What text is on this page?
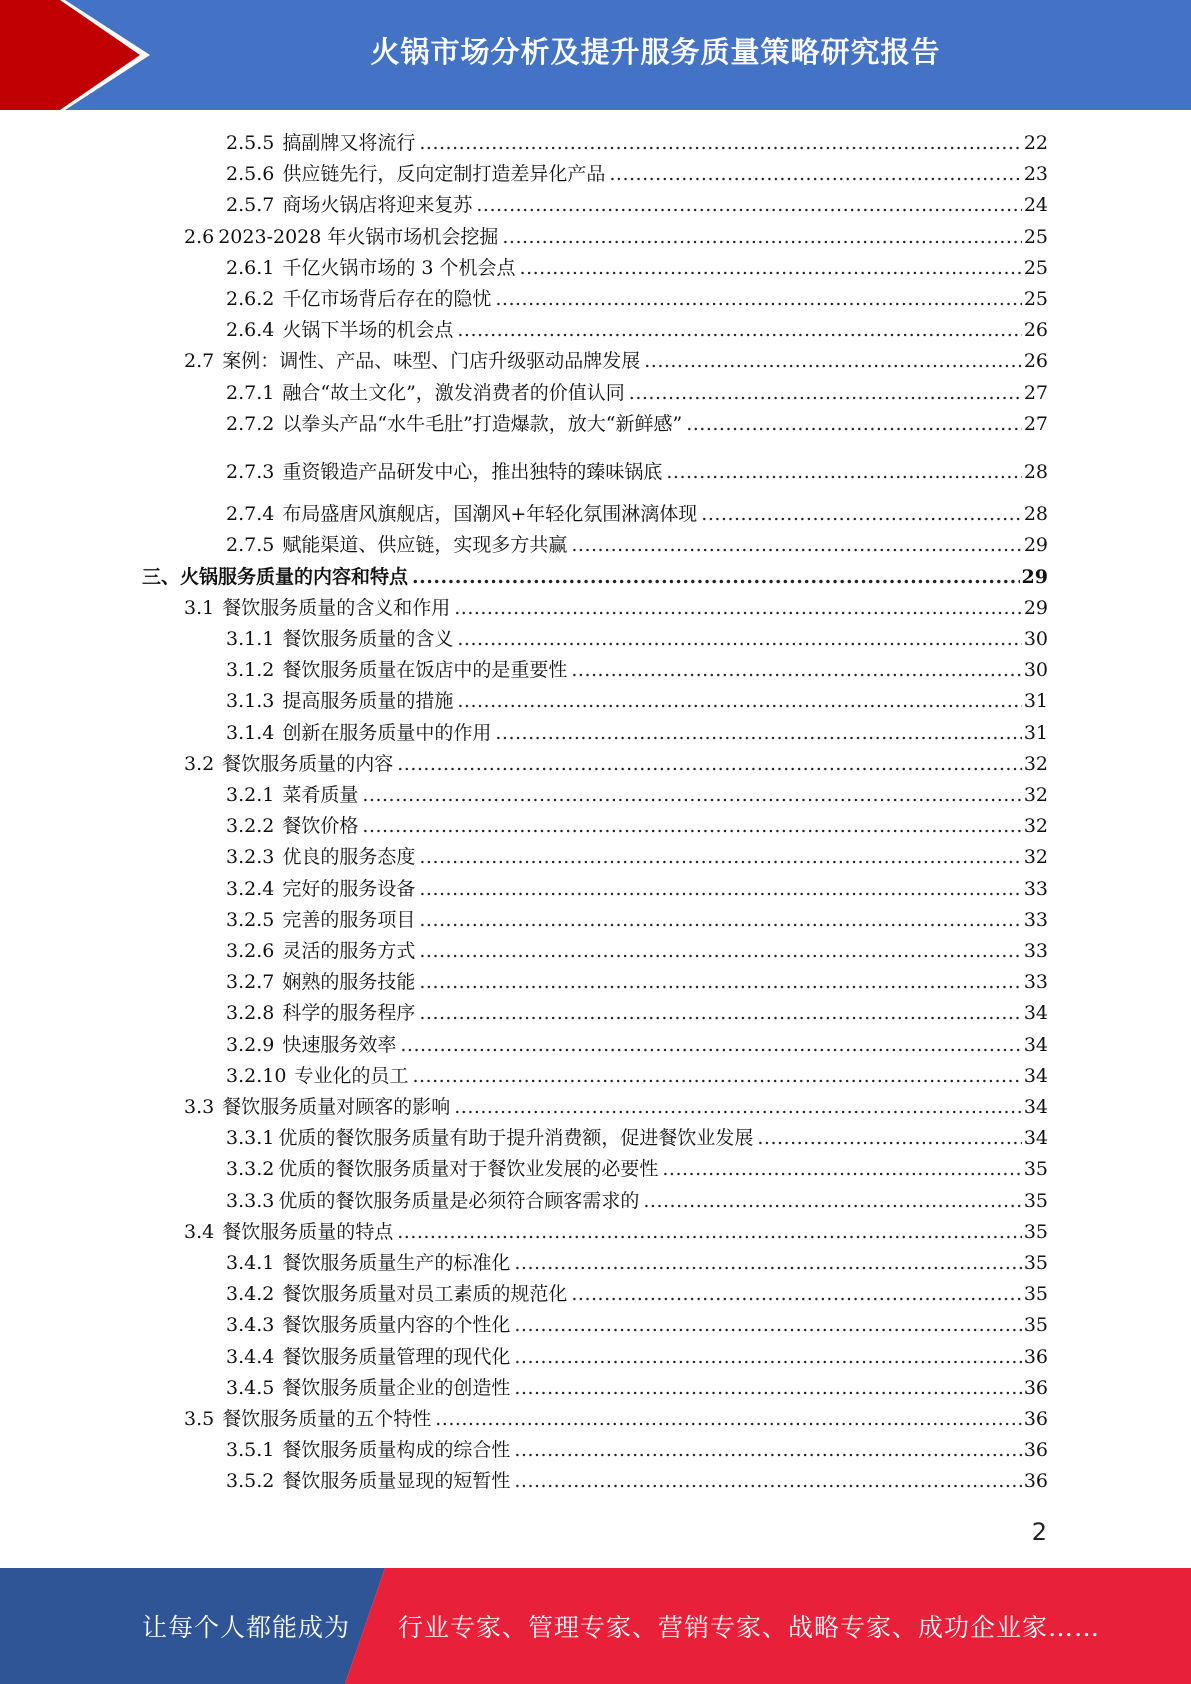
火锅市场分析及提升服务质量策略研究报告
2.5.5 搞副牌又将流行 .....	22
2.5.6 供应链先行，反向定制打造差异化产品 .....	23
2.5.7 商场火锅店将迎来复苏 .....	24
2.6 2023-2028 年火锅市场机会挖掘 .....	25
2.6.1 千亿火锅市场的 3 个机会点 .....	25
2.6.2 千亿市场背后存在的隐忧 .....	25
2.6.4 火锅下半场的机会点 .....	26
2.7 案例：调性、产品、味型、门店升级驱动品牌发展 .....	26
2.7.1 融合“故土文化”，激发消费者的价值认同 .....	27
2.7.2 以拳头产品“水牛毛肚”打造爆款，放大“新鲜感” .....	27
2.7.3 重资锻造产品研发中心，推出独特的臻味锅底 .....	28
2.7.4 布局盛唐风旗舰店，国潮风+年轻化氛围淋漓体现 .....	28
2.7.5 赋能渠道、供应链，实现多方共赢 .....	29
三、 火锅服务质量的内容和特点 .....	29
3.1 餐饮服务质量的含义和作用 .....	29
3.1.1 餐饮服务质量的含义 .....	30
3.1.2 餐饮服务质量在饭店中的是重要性 .....	30
3.1.3 提高服务质量的措施 .....	31
3.1.4 创新在服务质量中的作用 .....	31
3.2 餐饮服务质量的内容 .....	32
3.2.1 菜肴质量 .....	32
3.2.2 餐饮价格 .....	32
3.2.3 优良的服务态度 .....	32
3.2.4 完好的服务设备 .....	33
3.2.5 完善的服务项目 .....	33
3.2.6 灵活的服务方式 .....	33
3.2.7 娴熟的服务技能 .....	33
3.2.8 科学的服务程序 .....	34
3.2.9 快速服务效率 .....	34
3.2.10 专业化的员工 .....	34
3.3 餐饮服务质量对顾客的影响 .....	34
3.3.1 优质的餐饮服务质量有助于提升消费额，促进餐饮业发展 .....	34
3.3.2 优质的餐饮服务质量对于餐饮业发展的必要性 .....	35
3.3.3 优质的餐饮服务质量是必须符合顾客需求的 .....	35
3.4 餐饮服务质量的特点 .....	35
3.4.1 餐饮服务质量生产的标准化 .....	35
3.4.2 餐饮服务质量对员工素质的规范化 .....	35
3.4.3 餐饮服务质量内容的个性化 .....	35
3.4.4 餐饮服务质量管理的现代化 .....	36
3.4.5 餐饮服务质量企业的创造性 .....	36
3.5 餐饮服务质量的五个特性 .....	36
3.5.1 餐饮服务质量构成的综合性 .....	36
3.5.2 餐饮服务质量显现的短暂性 .....	36
2
让每个人都能成为 行业专家、管理专家、营销专家、战略专家、成功企业家……
